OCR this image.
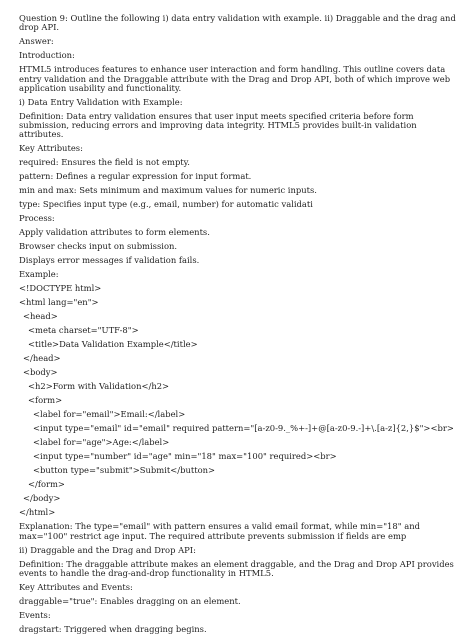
Question 9: Outline the following i) data entry validation with example. ii) Draggable and the drag and drop API.
Answer:
Introduction:
HTML5 introduces features to enhance user interaction and form handling. This outline covers data entry validation and the Draggable attribute with the Drag and Drop API, both of which improve web application usability and functionality.
i) Data Entry Validation with Example:
Definition: Data entry validation ensures that user input meets specified criteria before form submission, reducing errors and improving data integrity. HTML5 provides built-in validation attributes.
Key Attributes:
required: Ensures the field is not empty.
pattern: Defines a regular expression for input format.
min and max: Sets minimum and maximum values for numeric inputs.
type: Specifies input type (e.g., email, number) for automatic validati
Process:
Apply validation attributes to form elements.
Browser checks input on submission.
Displays error messages if validation fails.
Example:
<!DOCTYPE html>
<html lang="en">
<head>
<meta charset="UTF-8">
<title>Data Validation Example</title>
</head>
<body>
<h2>Form with Validation</h2>
<form>
<label for="email">Email:</label>
<input type="email" id="email" required pattern="[a-z0-9._%+-]+@[a-z0-9.-]+\.[a-z]{2,}$"><br>
<label for="age">Age:</label>
<input type="number" id="age" min="18" max="100" required><br>
<button type="submit">Submit</button>
</form>
</body>
</html>
Explanation: The type="email" with pattern ensures a valid email format, while min="18" and max="100" restrict age input. The required attribute prevents submission if fields are emp
ii) Draggable and the Drag and Drop API:
Definition: The draggable attribute makes an element draggable, and the Drag and Drop API provides events to handle the drag-and-drop functionality in HTML5.
Key Attributes and Events:
draggable="true": Enables dragging on an element.
Events:
dragstart: Triggered when dragging begins.
